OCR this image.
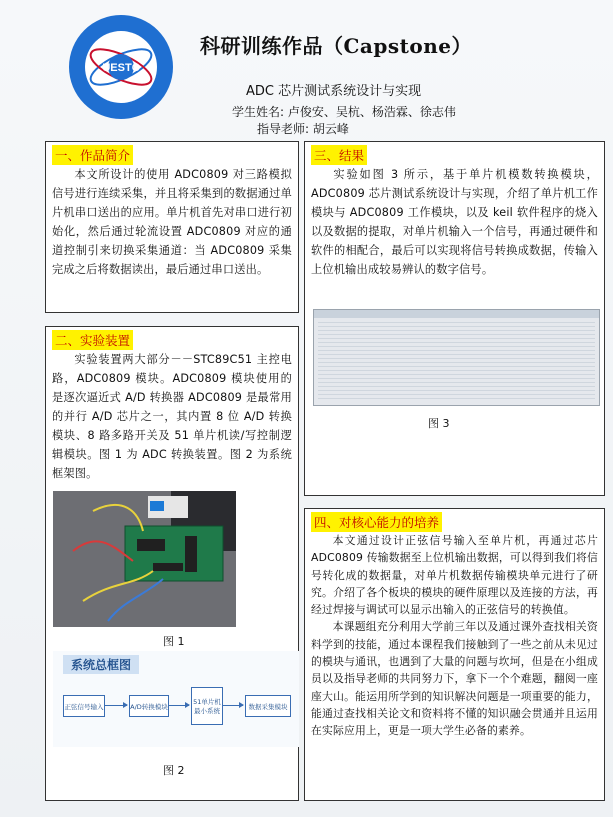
UESTC
科研训练作品（Capstone）
ADC 芯片测试系统设计与实现
学生姓名: 卢俊安、吴杭、杨浩霖、徐志伟
指导老师: 胡云峰
一、作品简介

本文所设计的使用 ADC0809 对三路模拟信号进行连续采集，并且将采集到的数据通过单片机串口送出的应用。单片机首先对串口进行初始化，然后通过轮流设置 ADC0809 对应的通道控制引来切换采集通道：当 ADC0809 采集完成之后将数据读出，最后通过串口送出。

二、实验装置

实验装置两大部分－－STC89C51 主控电路，ADC0809 模块。ADC0809 模块使用的是逐次逼近式 A/D 转换器 ADC0809 是最常用的并行 A/D 芯片之一，其内置 8 位 A/D 转换模块、8 路多路开关及 51 单片机读/写控制逻辑模块。图 1 为 ADC 转换装置。图 2 为系统框架图。

图 1
系统总框图
正弦信号输入	A/D转换模块
51单片机最小系统
数据采集模块
图 2
三、结果

实验如图 3 所示，基于单片机模数转换模块，ADC0809 芯片测试系统设计与实现，介绍了单片机工作模块与 ADC0809 工作模块，以及 keil 软件程序的烧入以及数据的提取，对单片机输入一个信号，再通过硬件和软件的相配合，最后可以实现将信号转换成数据，传输入上位机输出成较易辨认的数字信号。

图 3
四、对核心能力的培养

本文通过设计正弦信号输入至单片机，再通过芯片 ADC0809 传输数据至上位机输出数据，可以得到我们将信号转化成的数据量，对单片机数据传输模块单元进行了研究。介绍了各个板块的模块的硬件原理以及连接的方法，再经过焊接与调试可以显示出输入的正弦信号的转换值。

本课题组充分利用大学前三年以及通过课外查找相关资料学到的技能，通过本课程我们接触到了一些之前从未见过的模块与通讯，也遇到了大量的问题与坎坷，但是在小组成员以及指导老师的共同努力下，拿下一个个难题，翻阅一座座大山。能运用所学到的知识解决问题是一项重要的能力，能通过查找相关论文和资料将不懂的知识融会贯通并且运用在实际应用上，更是一项大学生必备的素养。
